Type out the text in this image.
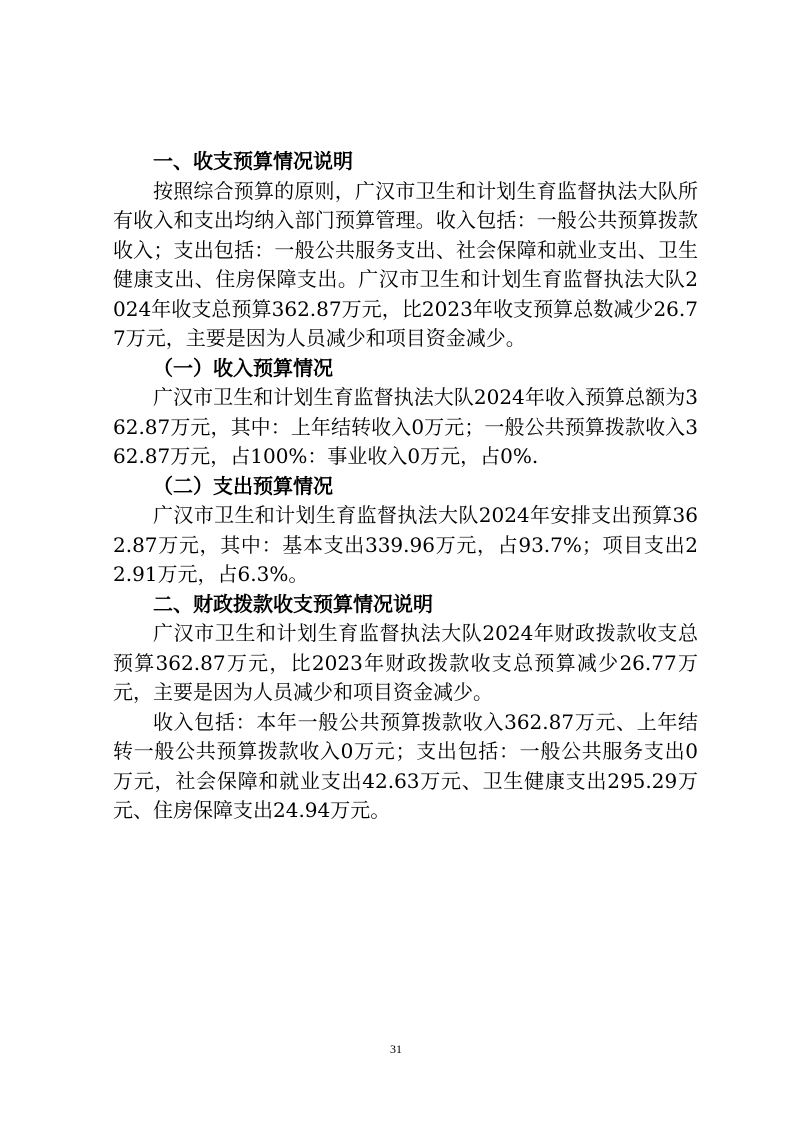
一、收支预算情况说明
按照综合预算的原则，广汉市卫生和计划生育监督执法大队所有收入和支出均纳入部门预算管理。收入包括：一般公共预算拨款收入；支出包括：一般公共服务支出、社会保障和就业支出、卫生健康支出、住房保障支出。广汉市卫生和计划生育监督执法大队2024年收支总预算362.87万元，比2023年收支预算总数减少26.77万元，主要是因为人员减少和项目资金减少。
（一）收入预算情况
广汉市卫生和计划生育监督执法大队2024年收入预算总额为362.87万元，其中：上年结转收入0万元；一般公共预算拨款收入362.87万元，占100%：事业收入0万元，占0%.
（二）支出预算情况
广汉市卫生和计划生育监督执法大队2024年安排支出预算362.87万元，其中：基本支出339.96万元，占93.7%；项目支出22.91万元，占6.3%。
二、财政拨款收支预算情况说明
广汉市卫生和计划生育监督执法大队2024年财政拨款收支总预算362.87万元，比2023年财政拨款收支总预算减少26.77万元，主要是因为人员减少和项目资金减少。
收入包括：本年一般公共预算拨款收入362.87万元、上年结转一般公共预算拨款收入0万元；支出包括：一般公共服务支出0万元，社会保障和就业支出42.63万元、卫生健康支出295.29万元、住房保障支出24.94万元。
31
